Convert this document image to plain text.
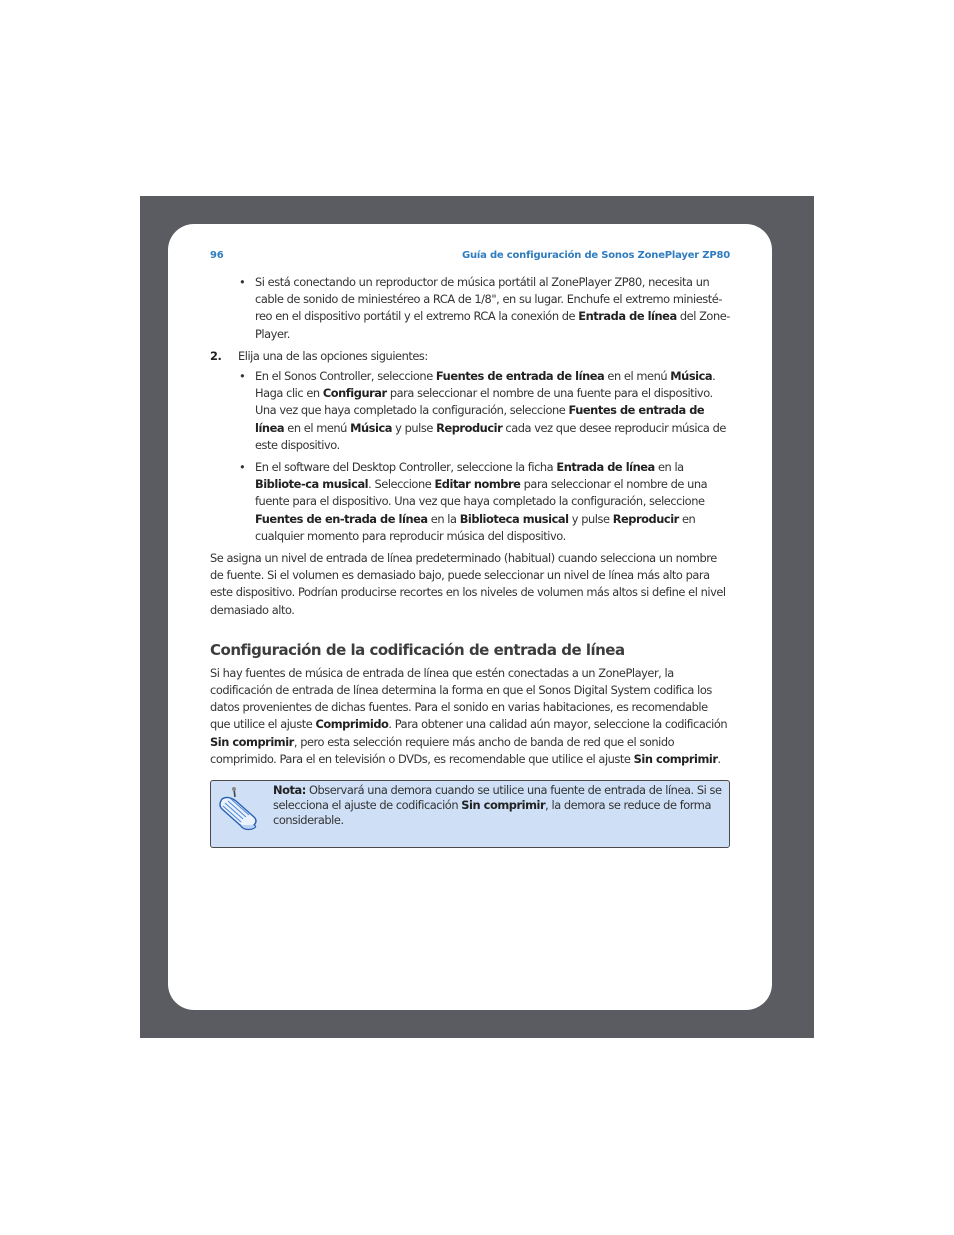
96	Guía de configuración de Sonos ZonePlayer ZP80

• Si está conectando un reproductor de música portátil al ZonePlayer ZP80, necesita un cable de sonido de miniestéreo a RCA de 1/8", en su lugar. Enchufe el extremo miniesté-reo en el dispositivo portátil y el extremo RCA la conexión de Entrada de línea del Zone-Player.

2. Elija una de las opciones siguientes:

• En el Sonos Controller, seleccione Fuentes de entrada de línea en el menú Música. Haga clic en Configurar para seleccionar el nombre de una fuente para el dispositivo. Una vez que haya completado la configuración, seleccione Fuentes de entrada de línea en el menú Música y pulse Reproducir cada vez que desee reproducir música de este dispositivo.

• En el software del Desktop Controller, seleccione la ficha Entrada de línea en la Bibliote-ca musical. Seleccione Editar nombre para seleccionar el nombre de una fuente para el dispositivo. Una vez que haya completado la configuración, seleccione Fuentes de en-trada de línea en la Biblioteca musical y pulse Reproducir en cualquier momento para reproducir música del dispositivo.

Se asigna un nivel de entrada de línea predeterminado (habitual) cuando selecciona un nombre de fuente. Si el volumen es demasiado bajo, puede seleccionar un nivel de línea más alto para este dispositivo. Podrían producirse recortes en los niveles de volumen más altos si define el nivel demasiado alto.

Configuración de la codificación de entrada de línea

Si hay fuentes de música de entrada de línea que estén conectadas a un ZonePlayer, la codificación de entrada de línea determina la forma en que el Sonos Digital System codifica los datos provenientes de dichas fuentes. Para el sonido en varias habitaciones, es recomendable que utilice el ajuste Comprimido. Para obtener una calidad aún mayor, seleccione la codificación Sin comprimir, pero esta selección requiere más ancho de banda de red que el sonido comprimido. Para el en televisión o DVDs, es recomendable que utilice el ajuste Sin comprimir.

Nota: Observará una demora cuando se utilice una fuente de entrada de línea. Si se selecciona el ajuste de codificación Sin comprimir, la demora se reduce de forma considerable.
